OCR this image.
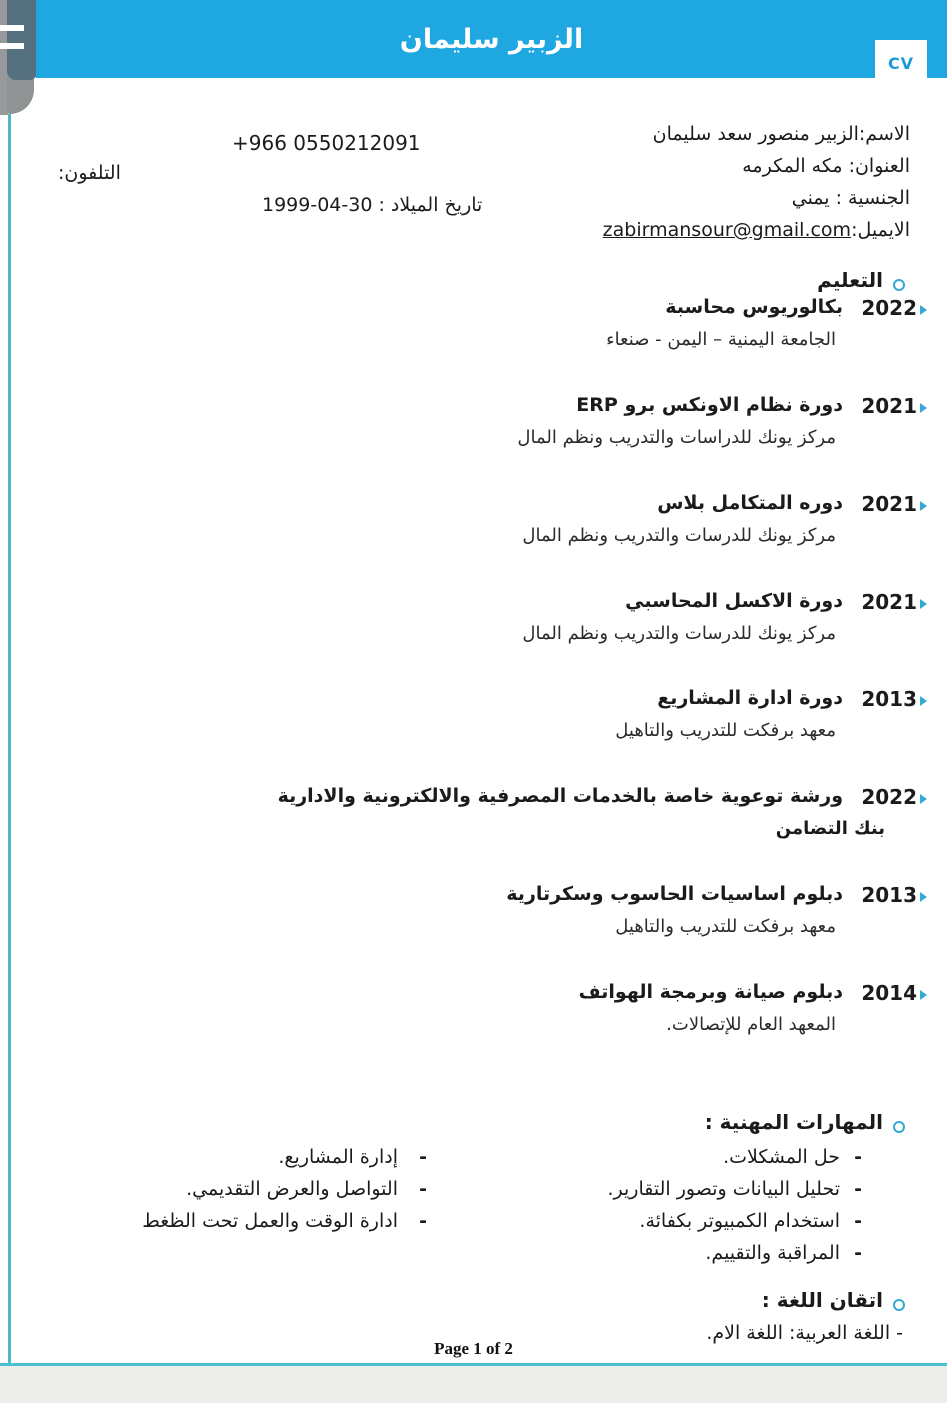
الزبير سليمان
CV
الاسم:الزبير منصور سعد سليمان
العنوان: مكه المكرمه
الجنسية : يمني
الايميل:zabirmansour@gmail.com
+966 0550212091
التلفون:
تاريخ الميلاد : 1999-04-30
التعليم
2022
بكالوريوس محاسبة
الجامعة اليمنية – اليمن - صنعاء
2021
دورة نظام الاونكس برو ERP
مركز يونك للدراسات والتدريب ونظم المال
2021
دوره المتكامل بلاس
مركز يونك للدرسات والتدريب ونظم المال
2021
دورة الاكسل المحاسبي
مركز يونك للدرسات والتدريب ونظم المال
2013
دورة ادارة المشاريع
معهد برفكت للتدريب والتاهيل
2022
ورشة توعوية خاصة بالخدمات المصرفية والالكترونية والادارية
بنك التضامن
2013
دبلوم اساسيات الحاسوب وسكرتارية
معهد برفكت للتدريب والتاهيل
2014
دبلوم صيانة وبرمجة الهواتف
المعهد العام للإتصالات.
المهارات المهنية :
-
حل المشكلات.
-
تحليل البيانات وتصور التقارير.
-
استخدام الكمبيوتر بكفائة.
-
المراقبة والتقييم.
-
إدارة المشاريع.
-
التواصل والعرض التقديمي.
-
ادارة الوقت والعمل تحت الظغط
اتقان اللغة :
- اللغة العربية: اللغة الام.
Page 1 of 2
